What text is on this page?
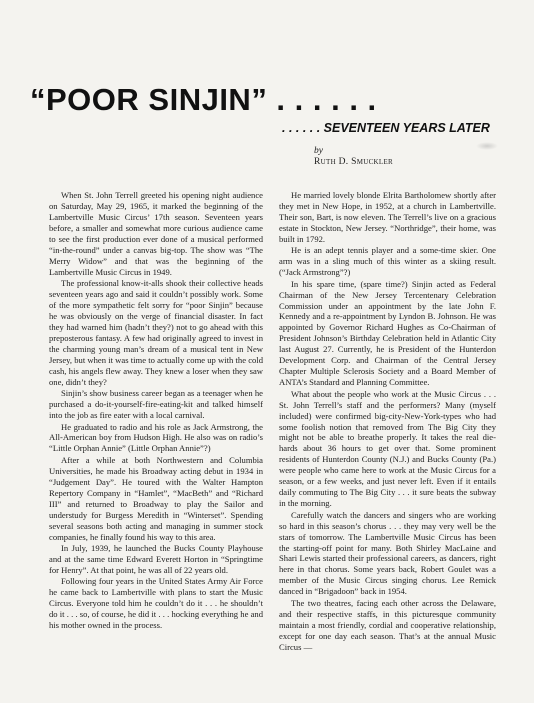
“POOR SINJIN” . . . . . .
. . . . . . SEVENTEEN YEARS LATER
by
Ruth D. Smuckler

When St. John Terrell greeted his opening night audience on Saturday, May 29, 1965, it marked the beginning of the Lambertville Music Circus’ 17th season. Seventeen years before, a smaller and somewhat more curious audience came to see the first production ever done of a musical performed “in-the-round” under a canvas big-top. The show was “The Merry Widow” and that was the beginning of the Lambertville Music Circus in 1949.

The professional know-it-alls shook their collective heads seventeen years ago and said it couldn’t possibly work. Some of the more sympathetic felt sorry for “poor Sinjin” because he was obviously on the verge of financial disaster. In fact they had warned him (hadn’t they?) not to go ahead with this preposterous fantasy. A few had originally agreed to invest in the charming young man’s dream of a musical tent in New Jersey, but when it was time to actually come up with the cold cash, his angels flew away. They knew a loser when they saw one, didn’t they?

Sinjin’s show business career began as a teenager when he purchased a do-it-yourself-fire-eating-kit and talked himself into the job as fire eater with a local carnival.

He graduated to radio and his role as Jack Armstrong, the All-American boy from Hudson High. He also was on radio’s “Little Orphan Annie” (Little Orphan Annie”?)

After a while at both Northwestern and Columbia Universities, he made his Broadway acting debut in 1934 in “Judgement Day”. He toured with the Walter Hampton Repertory Company in “Hamlet”, “MacBeth” and “Richard III” and returned to Broadway to play the Sailor and understudy for Burgess Meredith in “Winterset”. Spending several seasons both acting and managing in summer stock companies, he finally found his way to this area.

In July, 1939, he launched the Bucks County Playhouse and at the same time Edward Everett Horton in “Springtime for Henry”. At that point, he was all of 22 years old.

Following four years in the United States Army Air Force he came back to Lambertville with plans to start the Music Circus. Everyone told him he couldn’t do it . . . he shouldn’t do it . . . so, of course, he did it . . . hocking everything he and his mother owned in the process.

He married lovely blonde Elrita Bartholomew shortly after they met in New Hope, in 1952, at a church in Lambertville. Their son, Bart, is now eleven. The Terrell’s live on a gracious estate in Stockton, New Jersey. “Northridge”, their home, was built in 1792.

He is an adept tennis player and a some-time skier. One arm was in a sling much of this winter as a skiing result. (“Jack Armstrong”?)

In his spare time, (spare time?) Sinjin acted as Federal Chairman of the New Jersey Tercentenary Celebration Commission under an appointment by the late John F. Kennedy and a re-appointment by Lyndon B. Johnson. He was appointed by Governor Richard Hughes as Co-Chairman of President Johnson’s Birthday Celebration held in Atlantic City last August 27. Currently, he is President of the Hunterdon Development Corp. and Chairman of the Central Jersey Chapter Multiple Sclerosis Society and a Board Member of ANTA’s Standard and Planning Committee.

What about the people who work at the Music Circus . . . St. John Terrell’s staff and the performers? Many (myself included) were confirmed big-city-New-York-types who had some foolish notion that removed from The Big City they might not be able to breathe properly. It takes the real die-hards about 36 hours to get over that. Some prominent residents of Hunterdon County (N.J.) and Bucks County (Pa.) were people who came here to work at the Music Circus for a season, or a few weeks, and just never left. Even if it entails daily commuting to The Big City . . . it sure beats the subway in the morning.

Carefully watch the dancers and singers who are working so hard in this season’s chorus . . . they may very well be the stars of tomorrow. The Lambertville Music Circus has been the starting-off point for many. Both Shirley MacLaine and Shari Lewis started their professional careers, as dancers, right here in that chorus. Some years back, Robert Goulet was a member of the Music Circus singing chorus. Lee Remick danced in “Brigadoon” back in 1954.

The two theatres, facing each other across the Delaware, and their respective staffs, in this picturesque community maintain a most friendly, cordial and cooperative relationship, except for one day each season. That’s at the annual Music Circus —
